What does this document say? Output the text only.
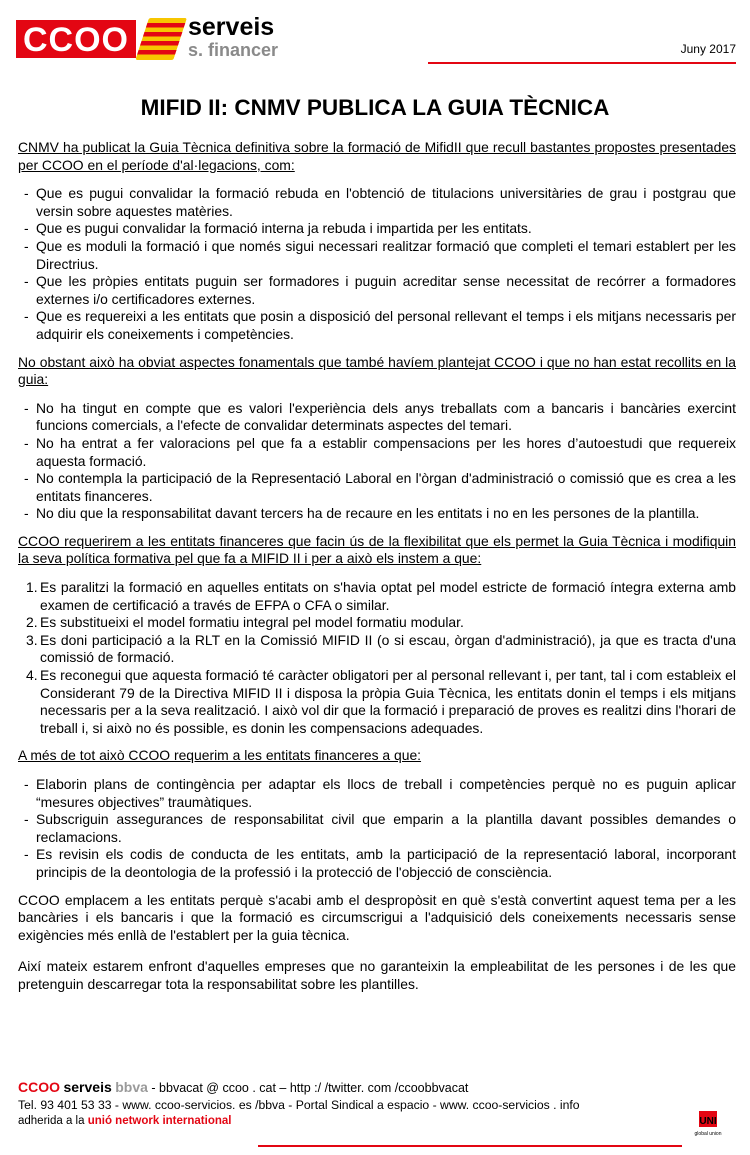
CCOO serveis
s. financer	Juny 2017
MIFID II: CNMV PUBLICA LA GUIA TÈCNICA

CNMV ha publicat la Guia Tècnica definitiva sobre la formació de MifidII que recull bastantes propostes presentades per CCOO en el període d'al·legacions, com:

- Que es pugui convalidar la formació rebuda en l'obtenció de titulacions universitàries de grau i postgrau que versin sobre aquestes matèries.
- Que es pugui convalidar la formació interna ja rebuda i impartida per les entitats.
- Que es moduli la formació i que només sigui necessari realitzar formació que completi el temari establert per les Directrius.
- Que les pròpies entitats puguin ser formadores i puguin acreditar sense necessitat de recórrer a formadores externes i/o certificadores externes.
- Que es requereixi a les entitats que posin a disposició del personal rellevant el temps i els mitjans necessaris per adquirir els coneixements i competències.

No obstant això ha obviat aspectes fonamentals que també havíem plantejat CCOO i que no han estat recollits en la guia:

- No ha tingut en compte que es valori l'experiència dels anys treballats com a bancaris i bancàries exercint funcions comercials, a l'efecte de convalidar determinats aspectes del temari.
- No ha entrat a fer valoracions pel que fa a establir compensacions per les hores d’autoestudi que requereix aquesta formació.
- No contempla la participació de la Representació Laboral en l'òrgan d'administració o comissió que es crea a les entitats financeres.
- No diu que la responsabilitat davant tercers ha de recaure en les entitats i no en les persones de la plantilla.

CCOO requerirem a les entitats financeres que facin ús de la flexibilitat que els permet la Guia Tècnica i modifiquin la seva política formativa pel que fa a MIFID II i per a això els instem a que:

1. Es paralitzi la formació en aquelles entitats on s'havia optat pel model estricte de formació íntegra externa amb examen de certificació a través de EFPA o CFA o similar.
2. Es substitueixi el model formatiu integral pel model formatiu modular.
3. Es doni participació a la RLT en la Comissió MIFID II (o si escau, òrgan d'administració), ja que es tracta d'una comissió de formació.
4. Es reconegui que aquesta formació té caràcter obligatori per al personal rellevant i, per tant, tal i com estableix el Considerant 79 de la Directiva MIFID II i disposa la pròpia Guia Tècnica, les entitats donin el temps i els mitjans necessaris per a la seva realització. I això vol dir que la formació i preparació de proves es realitzi dins l'horari de treball i, si això no és possible, es donin les compensacions adequades.

A més de tot això CCOO requerim a les entitats financeres a que:

- Elaborin plans de contingència per adaptar els llocs de treball i competències perquè no es puguin aplicar “mesures objectives” traumàtiques.
- Subscriguin assegurances de responsabilitat civil que emparin a la plantilla davant possibles demandes o reclamacions.
- Es revisin els codis de conducta de les entitats, amb la participació de la representació laboral, incorporant principis de la deontologia de la professió i la protecció de l'objecció de consciència.

CCOO emplacem a les entitats perquè s'acabi amb el despropòsit en què s'està convertint aquest tema per a les bancàries i els bancaris i que la formació es circumscrigui a l'adquisició dels coneixements necessaris sense exigències més enllà de l'establert per la guia tècnica.

Així mateix estarem enfront d'aquelles empreses que no garanteixin la empleabilitat de les persones i de les que pretenguin descarregar tota la responsabilitat sobre les plantilles.

CCOO serveis bbva - bbvacat @ ccoo . cat – http :/ /twitter. com /ccoobbvacat
Tel. 93 401 53 33 - www. ccoo-servicios. es /bbva - Portal Sindical a espacio - www. ccoo-servicios . info
adherida a la unió network international	UNI
global union
